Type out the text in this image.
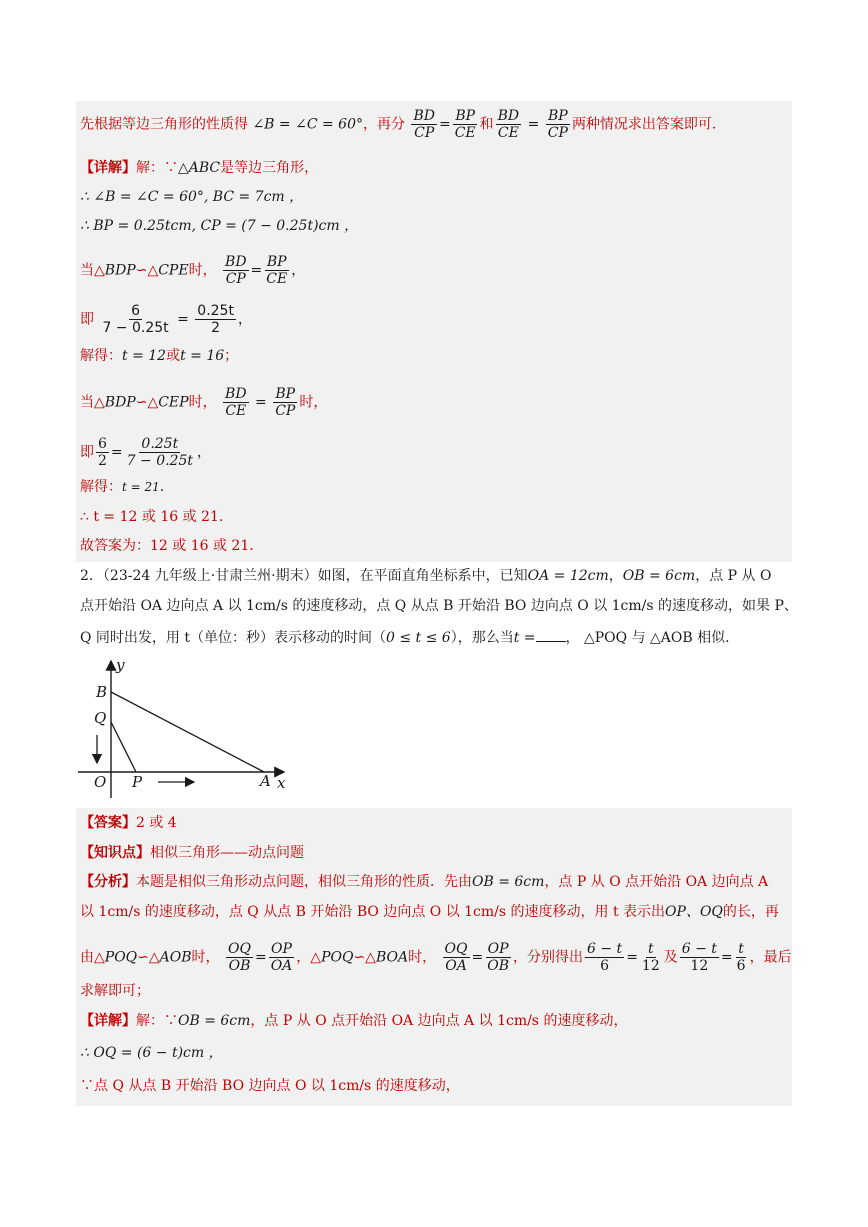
先根据等边三角形的性质得 ∠B = ∠C = 60°，再分 $\frac{BD}{CP} = \frac{BP}{CE}$ 和 $\frac{BD}{CE} = \frac{BP}{CP}$ 两种情况求出答案即可.
【详解】解：∵△ABC是等边三角形，
∴ ∠B = ∠C = 60°, BC = 7cm ，
∴ BP = 0.25tcm, CP = (7 − 0.25t)cm ，
当△BDP∽△CPE时， $\frac{BD}{CP} = \frac{BP}{CE}$ ，
即 $\frac{6}{7 - 0.25t} = \frac{0.25t}{2}$ ，
解得：t = 12或t = 16；
当△BDP∽△CEP时， $\frac{BD}{CE} = \frac{BP}{CP}$ 时，
即 $\frac{6}{2} = \frac{0.25t}{7 - 0.25t}$ ，
解得：t = 21.
∴ t = 12 或 16 或 21.
故答案为：12 或 16 或 21.
2．（23-24 九年级上·甘肃兰州·期末）如图，在平面直角坐标系中，已知OA = 12cm，OB = 6cm，点 P 从 O
点开始沿 OA 边向点 A 以 1cm/s 的速度移动，点 Q 从点 B 开始沿 BO 边向点 O 以 1cm/s 的速度移动，如果 P、
Q 同时出发，用 t（单位：秒）表示移动的时间（0 ≤ t ≤ 6），那么当t = ， △POQ 与 △AOB 相似.
y
x
B
Q
O P	A
【答案】2 或 4
【知识点】相似三角形——动点问题
【分析】本题是相似三角形动点问题，相似三角形的性质．先由OB = 6cm，点 P 从 O 点开始沿 OA 边向点 A
以 1cm/s 的速度移动，点 Q 从点 B 开始沿 BO 边向点 O 以 1cm/s 的速度移动，用 t 表示出OP、OQ的长，再
由△POQ∽△AOB时， $\frac{OQ}{OB} = \frac{OP}{OA}$ ，△POQ∽△BOA时， $\frac{OQ}{OA} = \frac{OP}{OB}$ ，分别得出 $\frac{6 - t}{6} = \frac{t}{12}$ 及 $\frac{6 - t}{12} = \frac{t}{6}$ ，最后
求解即可；
【详解】解：∵OB = 6cm，点 P 从 O 点开始沿 OA 边向点 A 以 1cm/s 的速度移动，
∴ OQ = (6 − t)cm ，
∵点 Q 从点 B 开始沿 BO 边向点 O 以 1cm/s 的速度移动，
